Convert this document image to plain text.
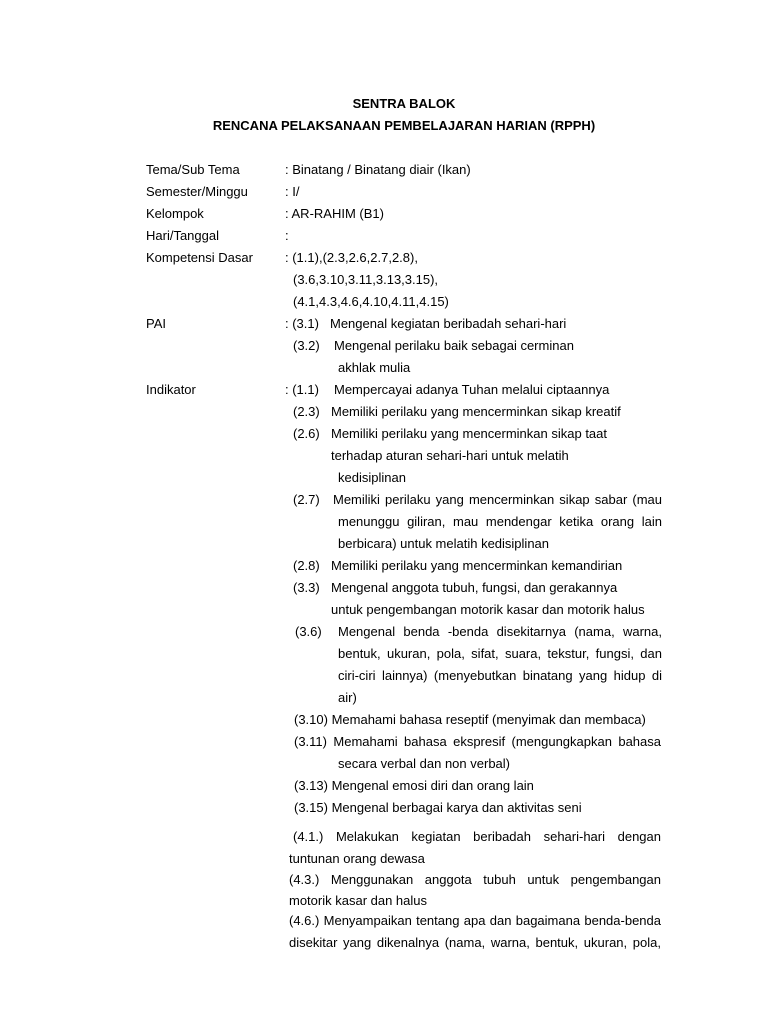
SENTRA BALOK
RENCANA PELAKSANAAN PEMBELAJARAN HARIAN (RPPH)
Tema/Sub Tema
Semester/Minggu
Kelompok
Hari/Tanggal
Kompetensi Dasar
PAI
Indikator
: Binatang / Binatang diair (Ikan)
: I/
: AR-RAHIM (B1)
:
: (1.1),(2.3,2.6,2.7,2.8),
(3.6,3.10,3.11,3.13,3.15),
(4.1,4.3,4.6,4.10,4.11,4.15)
: (3.1) Mengenal kegiatan beribadah sehari-hari
(3.2) Mengenal perilaku baik sebagai cerminan
akhlak mulia
: (1.1) Mempercayai adanya Tuhan melalui ciptaannya
(2.3) Memiliki perilaku yang mencerminkan sikap kreatif
(2.6) Memiliki perilaku yang mencerminkan sikap taat
terhadap aturan sehari-hari untuk melatih
kedisiplinan
(2.7) Memiliki perilaku yang mencerminkan sikap sabar (mau
menunggu giliran, mau mendengar ketika orang lain
berbicara) untuk melatih kedisiplinan
(2.8) Memiliki perilaku yang mencerminkan kemandirian
(3.3) Mengenal anggota tubuh, fungsi, dan gerakannya
untuk pengembangan motorik kasar dan motorik halus
(3.6) Mengenal benda -benda disekitarnya (nama, warna,
bentuk, ukuran, pola, sifat, suara, tekstur, fungsi, dan
ciri-ciri lainnya) (menyebutkan binatang yang hidup di
air)
(3.10) Memahami bahasa reseptif (menyimak dan membaca)
(3.11) Memahami bahasa ekspresif (mengungkapkan bahasa
secara verbal dan non verbal)
(3.13) Mengenal emosi diri dan orang lain
(3.15) Mengenal berbagai karya dan aktivitas seni
(4.1.) Melakukan kegiatan beribadah sehari-hari dengan
tuntunan orang dewasa
(4.3.) Menggunakan anggota tubuh untuk pengembangan
motorik kasar dan halus
(4.6.) Menyampaikan tentang apa dan bagaimana benda-benda
disekitar yang dikenalnya (nama, warna, bentuk, ukuran, pola,
